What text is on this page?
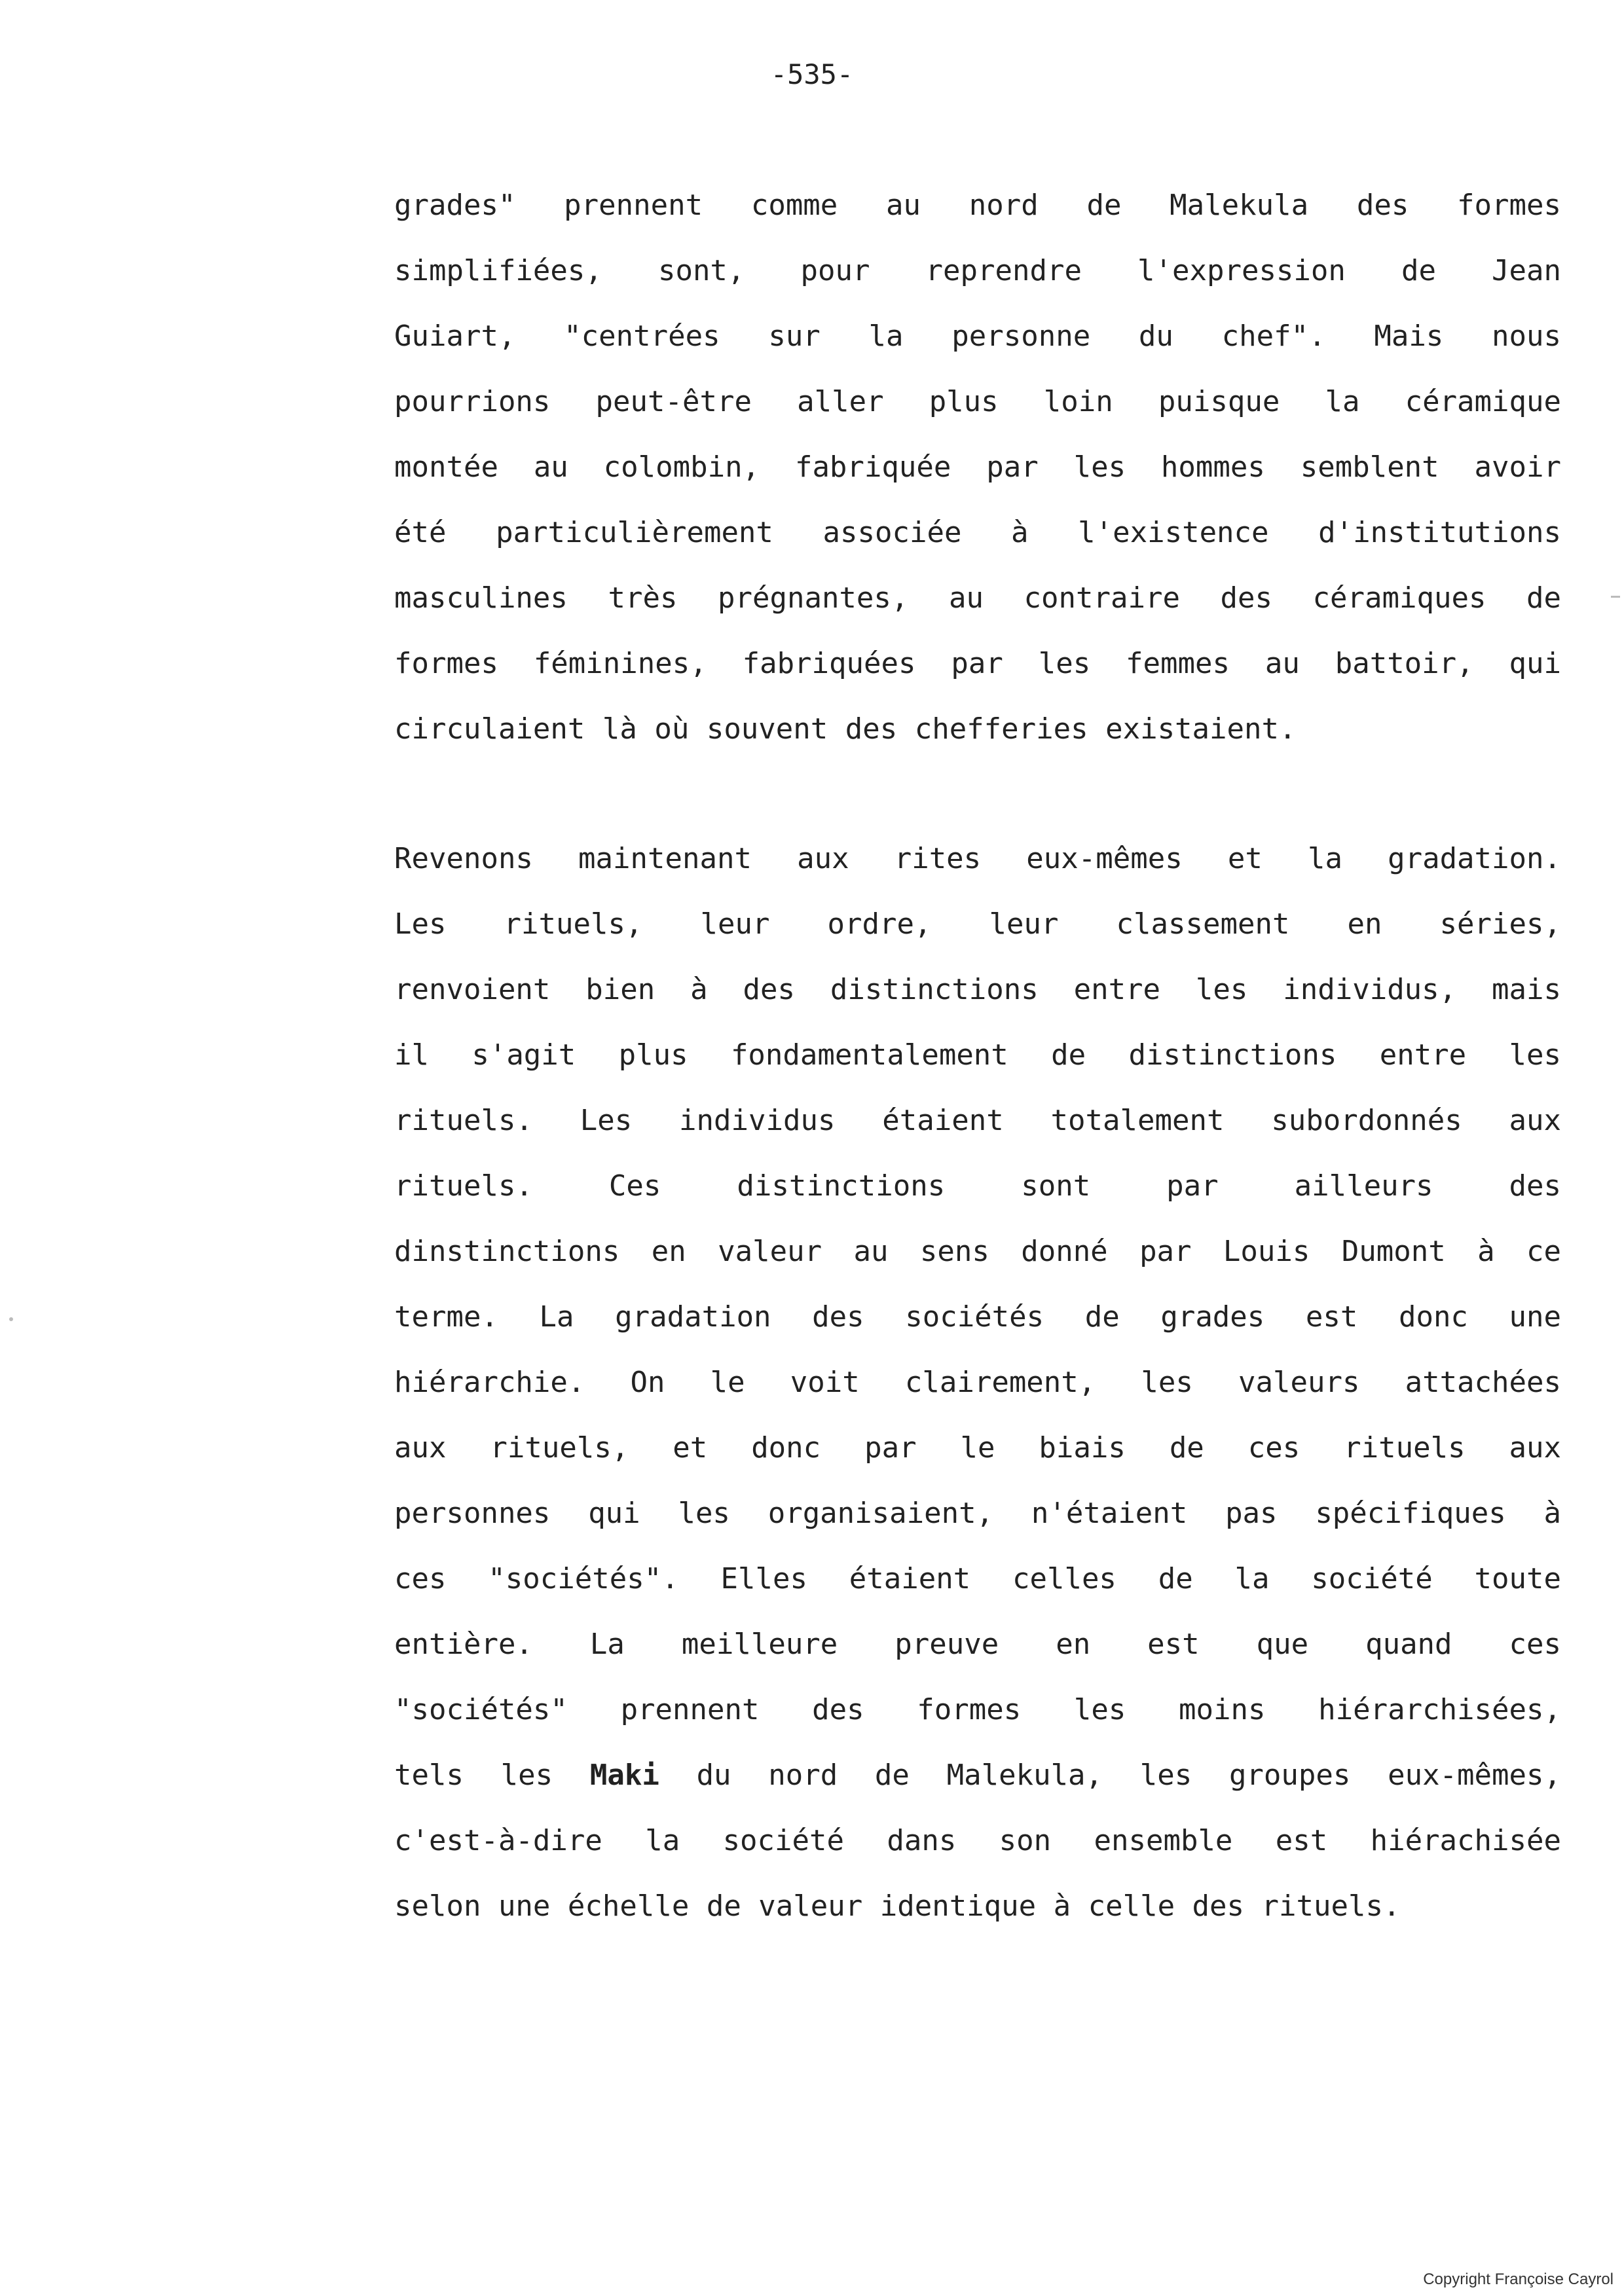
-535-
grades" prennent comme au nord de Malekula des formes
simplifiées, sont, pour reprendre l'expression de Jean
Guiart, "centrées sur la personne du chef". Mais nous
pourrions peut-être aller plus loin puisque la céramique
montée au colombin, fabriquée par les hommes semblent avoir
été particulièrement associée à l'existence d'institutions
masculines très prégnantes, au contraire des céramiques de
formes féminines, fabriquées par les femmes au battoir, qui
circulaient là où souvent des chefferies existaient.
Revenons maintenant aux rites eux-mêmes et la gradation.
Les rituels, leur ordre, leur classement en séries,
renvoient bien à des distinctions entre les individus, mais
il s'agit plus fondamentalement de distinctions entre les
rituels. Les individus étaient totalement subordonnés aux
rituels. Ces distinctions sont par ailleurs des
dinstinctions en valeur au sens donné par Louis Dumont à ce
terme. La gradation des sociétés de grades est donc une
hiérarchie. On le voit clairement, les valeurs attachées
aux rituels, et donc par le biais de ces rituels aux
personnes qui les organisaient, n'étaient pas spécifiques à
ces "sociétés". Elles étaient celles de la société toute
entière. La meilleure preuve en est que quand ces
"sociétés" prennent des formes les moins hiérarchisées,
tels les Maki du nord de Malekula, les groupes eux-mêmes,
c'est-à-dire la société dans son ensemble est hiérachisée
selon une échelle de valeur identique à celle des rituels.
Copyright Françoise Cayrol
